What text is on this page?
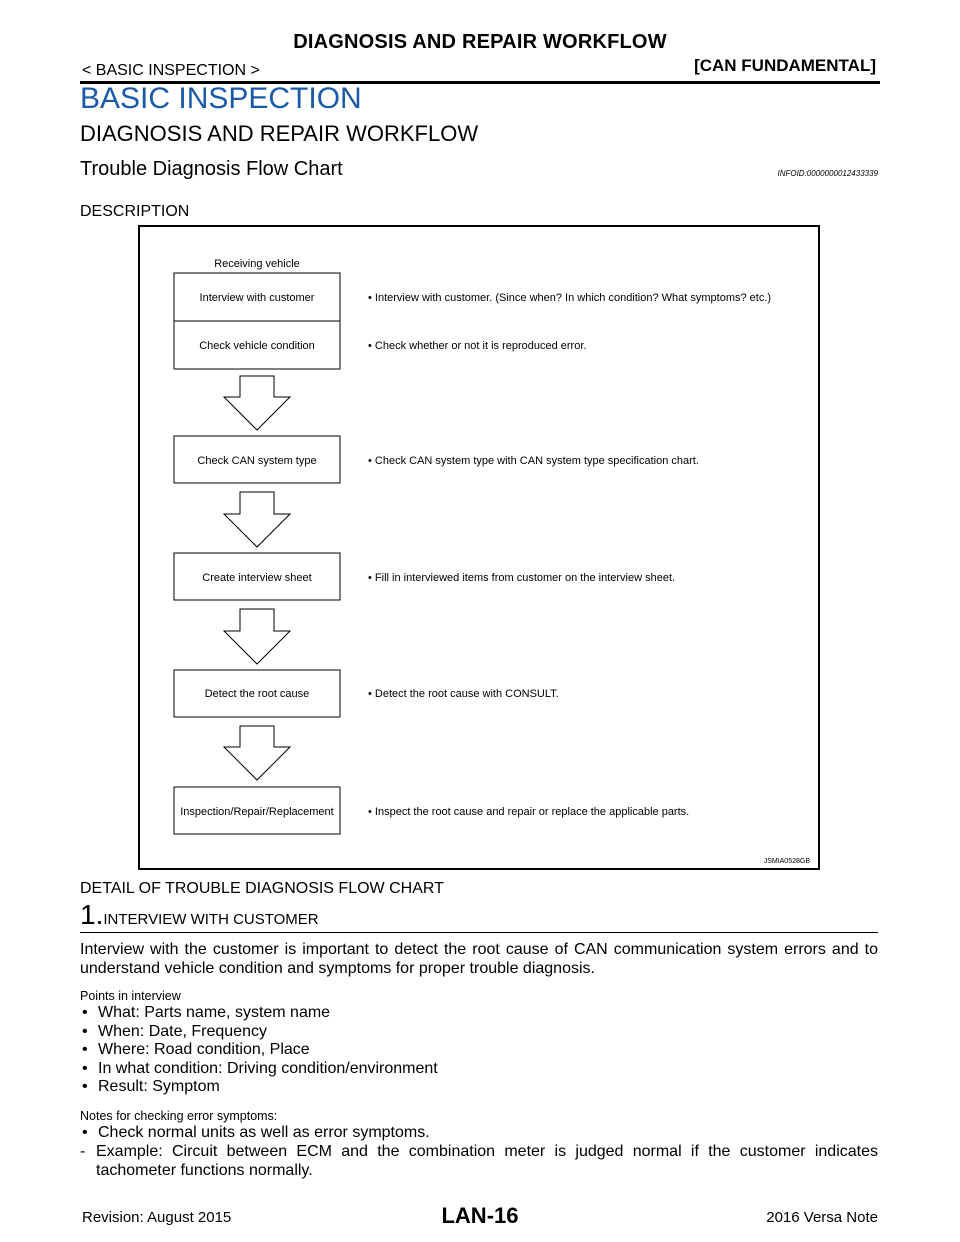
DIAGNOSIS AND REPAIR WORKFLOW
< BASIC INSPECTION >	[CAN FUNDAMENTAL]
BASIC INSPECTION
DIAGNOSIS AND REPAIR WORKFLOW
Trouble Diagnosis Flow Chart	INFOID:0000000012433339
DESCRIPTION
Receiving vehicle
Interview with customer	• Interview with customer. (Since when? In which condition? What symptoms? etc.)
Check vehicle condition	• Check whether or not it is reproduced error.
Check CAN system type	• Check CAN system type with CAN system type specification chart.
Create interview sheet	• Fill in interviewed items from customer on the interview sheet.
Detect the root cause	• Detect the root cause with CONSULT.
Inspection/Repair/Replacement	• Inspect the root cause and repair or replace the applicable parts.
JSMIA0528GB
DETAIL OF TROUBLE DIAGNOSIS FLOW CHART
1.INTERVIEW WITH CUSTOMER
Interview with the customer is important to detect the root cause of CAN communication system errors and to understand vehicle condition and symptoms for proper trouble diagnosis.
Points in interview
• What: Parts name, system name
• When: Date, Frequency
• Where: Road condition, Place
• In what condition: Driving condition/environment
• Result: Symptom
Notes for checking error symptoms:
• Check normal units as well as error symptoms.
- Example: Circuit between ECM and the combination meter is judged normal if the customer indicates
tachometer functions normally.
Revision: August 2015	LAN-16	2016 Versa Note
